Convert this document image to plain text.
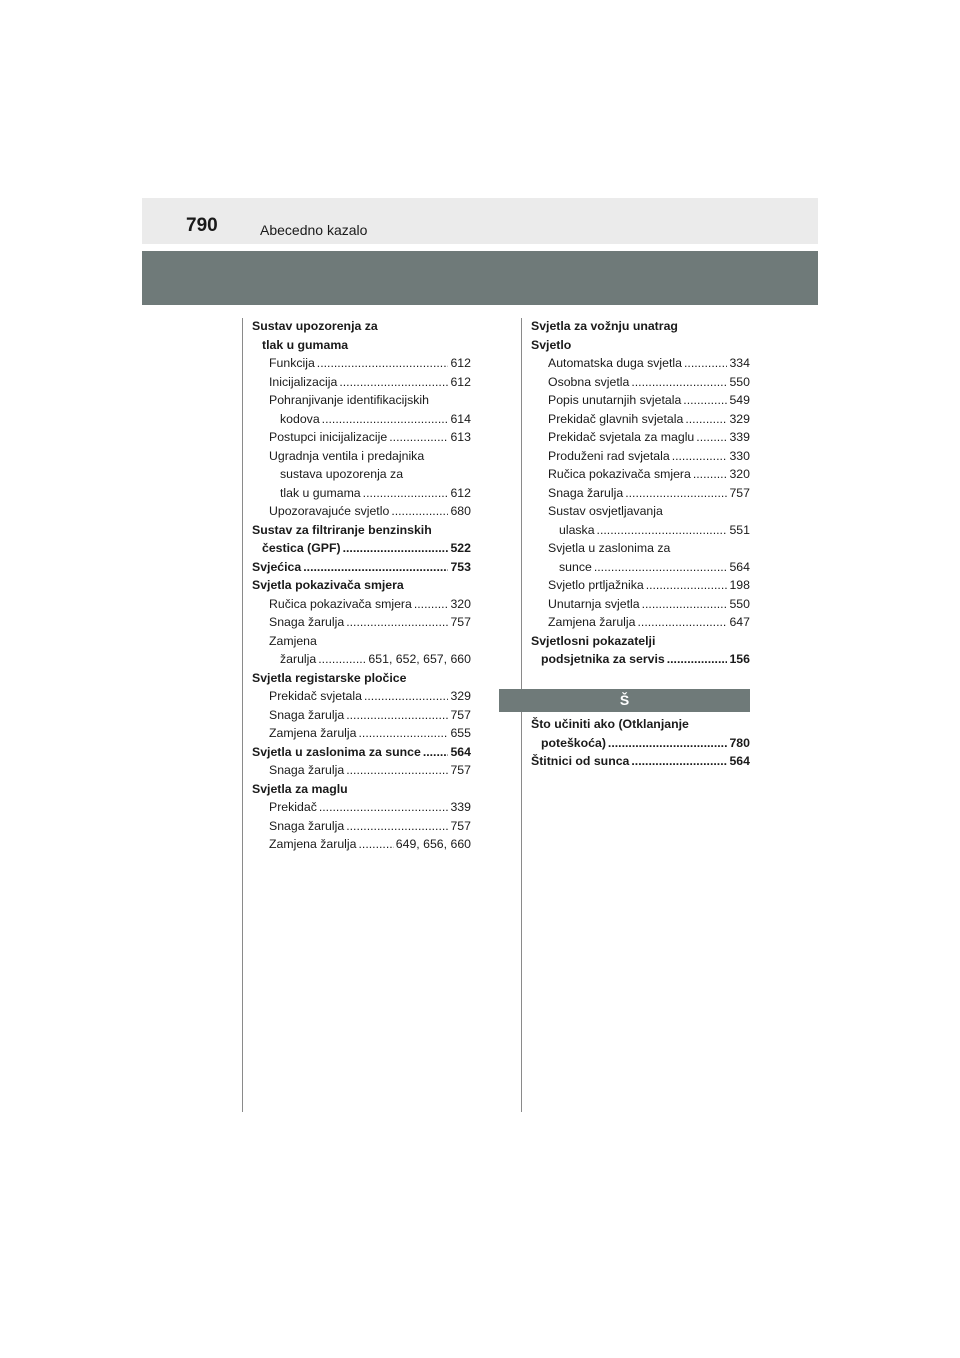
790	Abecedno kazalo
Sustav upozorenja za
tlak u gumama
Funkcija .....	612
Inicijalizacija .....	612
Pohranjivanje identifikacijskih
kodova .....	614
Postupci inicijalizacije .....	613
Ugradnja ventila i predajnika
sustava upozorenja za
tlak u gumama .....	612
Upozoravajuće svjetlo .....	680
Sustav za filtriranje benzinskih
čestica (GPF) .....	522
Svjećica .....	753
Svjetla pokazivača smjera
Ručica pokazivača smjera .....	320
Snaga žarulja .....	757
Zamjena
žarulja .....	651, 652, 657, 660
Svjetla registarske pločice
Prekidač svjetala .....	329
Snaga žarulja .....	757
Zamjena žarulja .....	655
Svjetla u zaslonima za sunce ..... 564
Snaga žarulja .....	757
Svjetla za maglu
Prekidač .....	339
Snaga žarulja .....	757
Zamjena žarulja .....	649, 656, 660
Svjetla za vožnju unatrag
Svjetlo
Automatska duga svjetla .....	334
Osobna svjetla .....	550
Popis unutarnjih svjetala .....	549
Prekidač glavnih svjetala .....	329
Prekidač svjetala za maglu .....	339
Produženi rad svjetala .....	330
Ručica pokazivača smjera .....	320
Snaga žarulja .....	757
Sustav osvjetljavanja
ulaska .....	551
Svjetla u zaslonima za
sunce .....	564
Svjetlo prtljažnika .....	198
Unutarnja svjetla .....	550
Zamjena žarulja .....	647
Svjetlosni pokazatelji
podsjetnika za servis .....	156
Š
Što učiniti ako (Otklanjanje
poteškoća) .....	780
Štitnici od sunca .....	564
